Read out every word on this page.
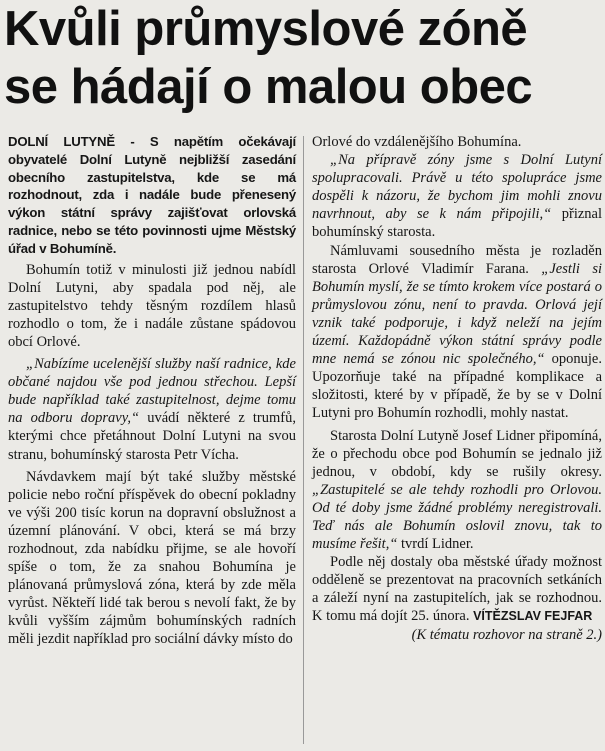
Kvůli průmyslové zóně
se hádají o malou obec

DOLNÍ LUTYNĚ - S napětím očekávají obyvatelé Dolní Lutyně nejbližší zasedání obecního zastupitelstva, kde se má rozhodnout, zda i nadále bude přenesený výkon státní správy zajišťovat orlovská radnice, nebo se této povinnosti ujme Městský úřad v Bohumíně.

Bohumín totiž v minulosti již jednou nabídl Dolní Lutyni, aby spadala pod něj, ale zastupitelstvo tehdy těsným rozdílem hlasů rozhodlo o tom, že i nadále zůstane spádovou obcí Orlové.

„Nabízíme ucelenější služby naší radnice, kde občané najdou vše pod jednou střechou. Lepší bude například také zastupitelnost, dejme tomu na odboru dopravy,“ uvádí některé z trumfů, kterými chce přetáhnout Dolní Lutyni na svou stranu, bohumínský starosta Petr Vícha.

Návdavkem mají být také služby městské policie nebo roční příspěvek do obecní pokladny ve výši 200 tisíc korun na dopravní obslužnost a územní plánování. V obci, která se má brzy rozhodnout, zda nabídku přijme, se ale hovoří spíše o tom, že za snahou Bohumína je plánovaná průmyslová zóna, která by zde měla vyrůst. Někteří lidé tak berou s nevolí fakt, že by kvůli vyšším zájmům bohumínských radních měli jezdit například pro sociální dávky místo do

Orlové do vzdálenějšího Bohumína.

„Na přípravě zóny jsme s Dolní Lutyní spolupracovali. Právě u této spolupráce jsme dospěli k názoru, že bychom jim mohli znovu navrhnout, aby se k nám připojili,“ přiznal bohumínský starosta.

Námluvami sousedního města je rozladěn starosta Orlové Vladimír Farana. „Jestli si Bohumín myslí, že se tímto krokem více postará o průmyslovou zónu, není to pravda. Orlová její vznik také podporuje, i když neleží na jejím území. Každopádně výkon státní správy podle mne nemá se zónou nic společného,“ oponuje. Upozorňuje také na případné komplikace a složitosti, které by v případě, že by se v Dolní Lutyni pro Bohumín rozhodli, mohly nastat.

Starosta Dolní Lutyně Josef Lidner připomíná, že o přechodu obce pod Bohumín se jednalo již jednou, v období, kdy se rušily okresy. „Zastupitelé se ale tehdy rozhodli pro Orlovou. Od té doby jsme žádné problémy neregistrovali. Teď nás ale Bohumín oslovil znovu, tak to musíme řešit,“ tvrdí Lidner.

Podle něj dostaly oba městské úřady možnost odděleně se prezentovat na pracovních setkáních a záleží nyní na zastupitelích, jak se rozhodnou. K tomu má dojít 25. února. VÍTĚZSLAV FEJFAR

(K tématu rozhovor na straně 2.)
